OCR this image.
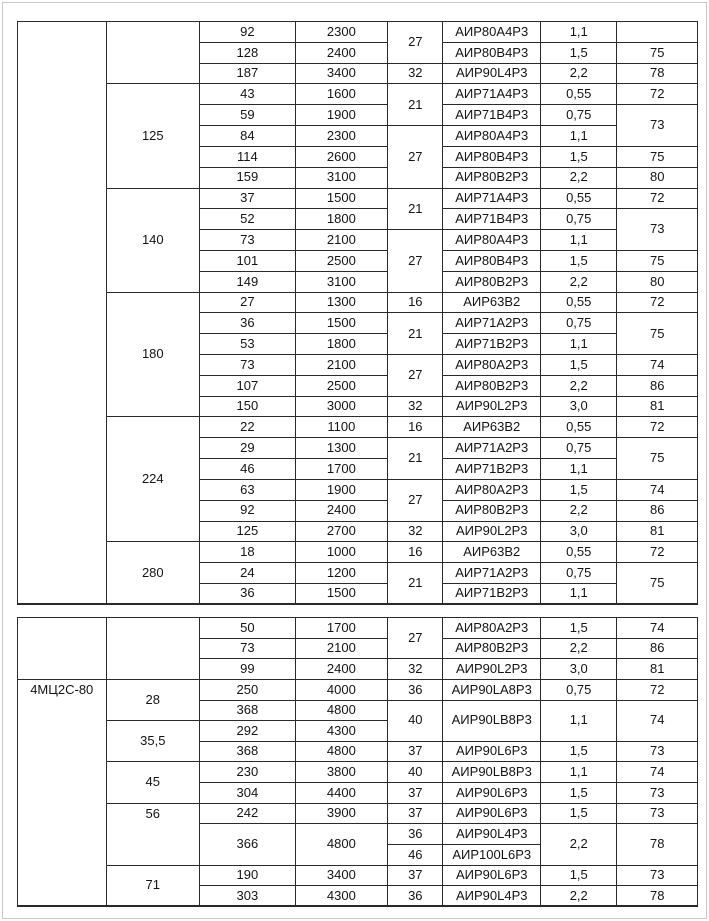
		92	2300	27	АИР80А4Р3	1,1	
		128	2400		АИР80В4Р3	1,5	75
		187	3400	32	АИР90L4Р3	2,2	78
	125	43	1600	21	АИР71А4Р3	0,55	72
		59	1900		АИР71В4Р3	0,75	73
		84	2300	27	АИР80А4Р3	1,1	
		114	2600		АИР80В4Р3	1,5	75
		159	3100		АИР80В2Р3	2,2	80
	140	37	1500	21	АИР71А4Р3	0,55	72
		52	1800		АИР71В4Р3	0,75	73
		73	2100	27	АИР80А4Р3	1,1	
		101	2500		АИР80В4Р3	1,5	75
		149	3100		АИР80В2Р3	2,2	80
	180	27	1300	16	АИР63В2	0,55	72
		36	1500	21	АИР71А2Р3	0,75	75
		53	1800		АИР71В2Р3	1,1	
		73	2100	27	АИР80А2Р3	1,5	74
		107	2500		АИР80В2Р3	2,2	86
		150	3000	32	АИР90L2Р3	3,0	81
	224	22	1100	16	АИР63В2	0,55	72
		29	1300	21	АИР71А2Р3	0,75	75
		46	1700		АИР71В2Р3	1,1	
		63	1900	27	АИР80А2Р3	1,5	74
		92	2400		АИР80В2Р3	2,2	86
		125	2700	32	АИР90L2Р3	3,0	81
	280	18	1000	16	АИР63В2	0,55	72
		24	1200	21	АИР71А2Р3	0,75	75
		36	1500		АИР71В2Р3	1,1	
		50	1700	27	АИР80А2Р3	1,5	74
		73	2100		АИР80В2Р3	2,2	86
		99	2400	32	АИР90L2Р3	3,0	81
4МЦ2С-80	28	250	4000	36	АИР90LA8Р3	0,75	72
		368	4800	40	АИР90LB8Р3	1,1	74
	35,5	292	4300				
		368	4800	37	АИР90L6Р3	1,5	73
	45	230	3800	40	АИР90LB8Р3	1,1	74
		304	4400	37	АИР90L6Р3	1,5	73
	56	242	3900	37	АИР90L6Р3	1,5	73
		366	4800	36	АИР90L4Р3	2,2	78
				46	АИР100L6Р3		
	71	190	3400	37	АИР90L6Р3	1,5	73
		303	4300	36	АИР90L4Р3	2,2	78
